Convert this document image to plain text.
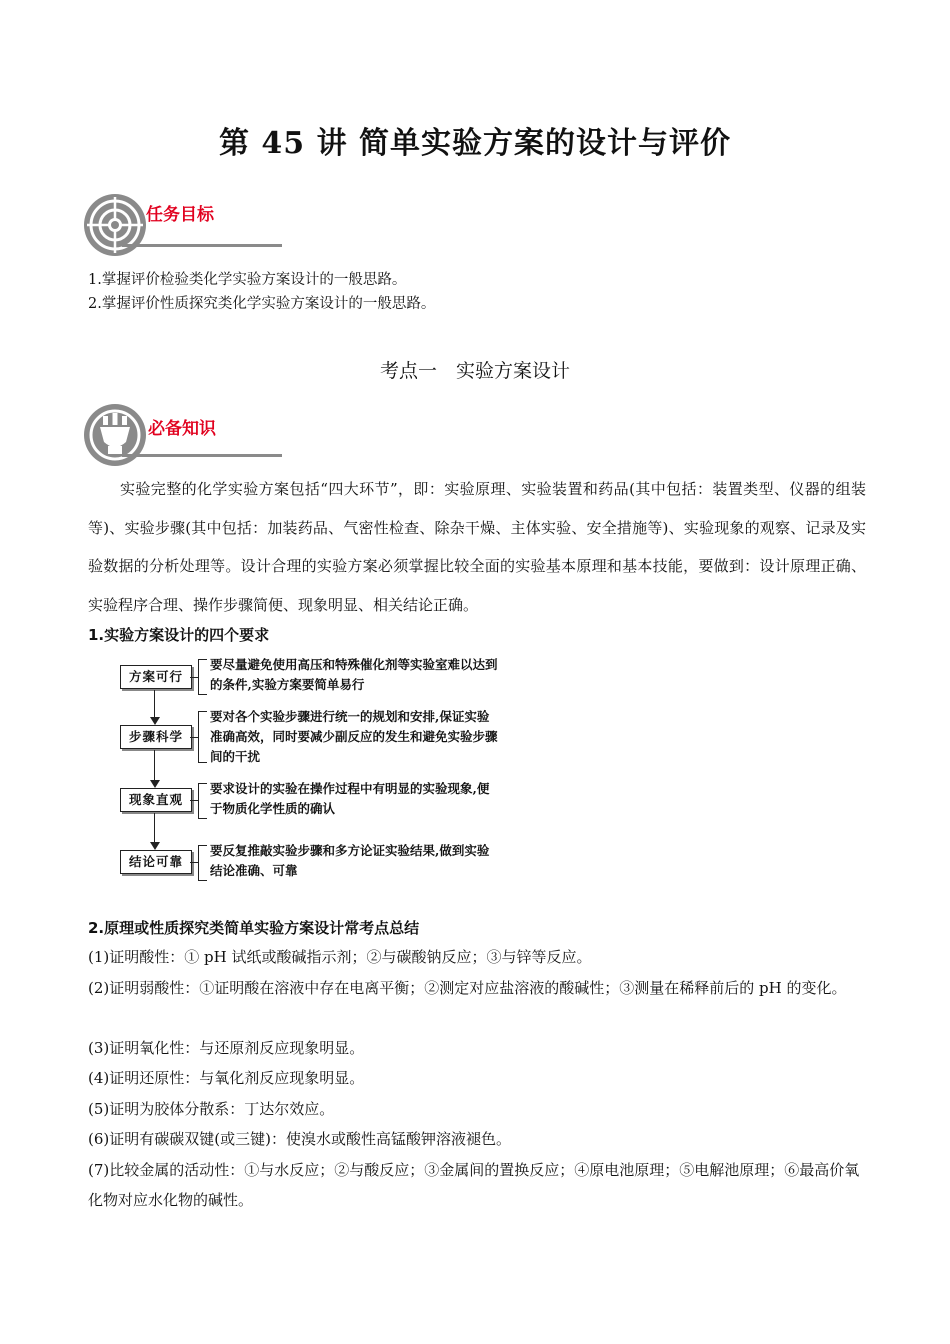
第 45 讲 简单实验方案的设计与评价
任务目标
1.掌握评价检验类化学实验方案设计的一般思路。
2.掌握评价性质探究类化学实验方案设计的一般思路。
考点一　实验方案设计
必备知识
实验完整的化学实验方案包括“四大环节”，即：实验原理、实验装置和药品(其中包括：装置类型、仪器的组装等)、实验步骤(其中包括：加装药品、气密性检查、除杂干燥、主体实验、安全措施等)、实验现象的观察、记录及实验数据的分析处理等。设计合理的实验方案必须掌握比较全面的实验基本原理和基本技能，要做到：设计原理正确、实验程序合理、操作步骤简便、现象明显、相关结论正确。
1.实验方案设计的四个要求
方案可行
要尽量避免使用高压和特殊催化剂等实验室难以达到的条件,实验方案要简单易行
步骤科学
要对各个实验步骤进行统一的规划和安排,保证实验准确高效，同时要减少副反应的发生和避免实验步骤间的干扰
现象直观
要求设计的实验在操作过程中有明显的实验现象,便于物质化学性质的确认
结论可靠
要反复推敲实验步骤和多方论证实验结果,做到实验结论准确、可靠
2.原理或性质探究类简单实验方案设计常考点总结
(1)证明酸性：① pH 试纸或酸碱指示剂；②与碳酸钠反应；③与锌等反应。
(2)证明弱酸性：①证明酸在溶液中存在电离平衡；②测定对应盐溶液的酸碱性；③测量在稀释前后的 pH 的变化。
(3)证明氧化性：与还原剂反应现象明显。
(4)证明还原性：与氧化剂反应现象明显。
(5)证明为胶体分散系：丁达尔效应。
(6)证明有碳碳双键(或三键)：使溴水或酸性高锰酸钾溶液褪色。
(7)比较金属的活动性：①与水反应；②与酸反应；③金属间的置换反应；④原电池原理；⑤电解池原理；⑥最高价氧化物对应水化物的碱性。
